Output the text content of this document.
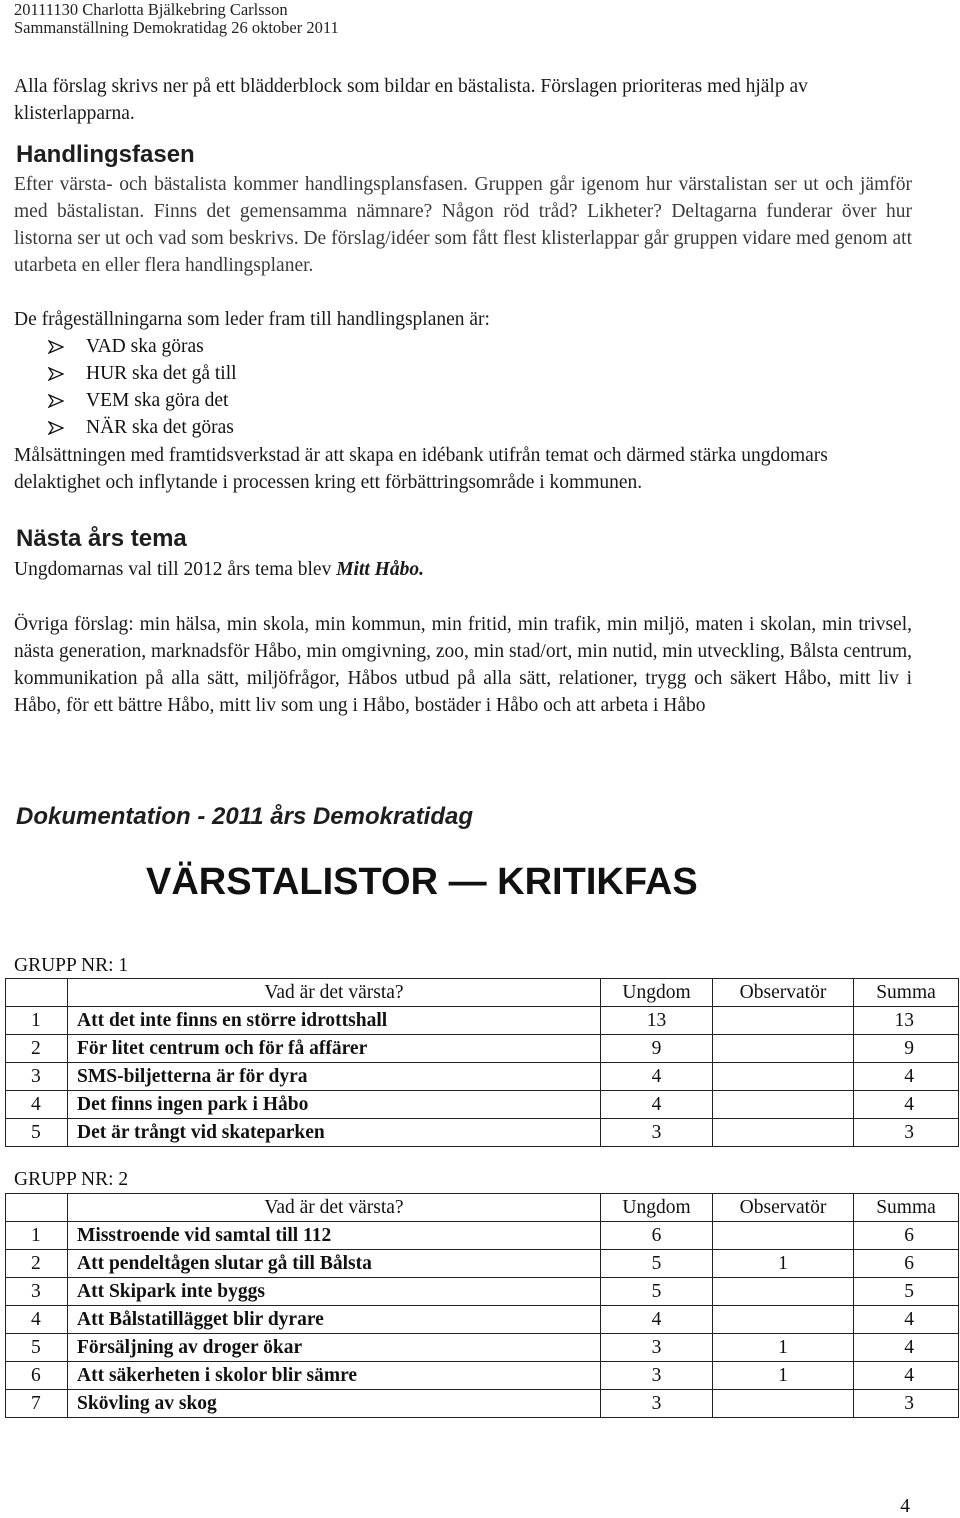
20111130 Charlotta Bjälkebring Carlsson
Sammanställning Demokratidag 26 oktober 2011
Alla förslag skrivs ner på ett blädderblock som bildar en bästalista. Förslagen prioriteras med hjälp av klisterlapparna.
Handlingsfasen
Efter värsta- och bästalista kommer handlingsplansfasen. Gruppen går igenom hur värstalistan ser ut och jämför med bästalistan. Finns det gemensamma nämnare? Någon röd tråd? Likheter? Deltagarna funderar över hur listorna ser ut och vad som beskrivs. De förslag/idéer som fått flest klisterlappar går gruppen vidare med genom att utarbeta en eller flera handlingsplaner.
De frågeställningarna som leder fram till handlingsplanen är:
VAD ska göras
HUR ska det gå till
VEM ska göra det
NÄR ska det göras
Målsättningen med framtidsverkstad är att skapa en idébank utifrån temat och därmed stärka ungdomars delaktighet och inflytande i processen kring ett förbättringsområde i kommunen.
Nästa års tema
Ungdomarnas val till 2012 års tema blev Mitt Håbo.
Övriga förslag: min hälsa, min skola, min kommun, min fritid, min trafik, min miljö, maten i skolan, min trivsel, nästa generation, marknadsför Håbo, min omgivning, zoo, min stad/ort, min nutid, min utveckling, Bålsta centrum, kommunikation på alla sätt, miljöfrågor, Håbos utbud på alla sätt, relationer, trygg och säkert Håbo, mitt liv i Håbo, för ett bättre Håbo, mitt liv som ung i Håbo, bostäder i Håbo och att arbeta i Håbo
Dokumentation - 2011 års Demokratidag
VÄRSTALISTOR — KRITIKFAS
GRUPP NR: 1
	Vad är det värsta?	Ungdom	Observatör	Summa
1	Att det inte finns en större idrottshall	13		13
2	För litet centrum och för få affärer	9		9
3	SMS-biljetterna är för dyra	4		4
4	Det finns ingen park i Håbo	4		4
5	Det är trångt vid skateparken	3		3
GRUPP NR: 2
	Vad är det värsta?	Ungdom	Observatör	Summa
1	Misstroende vid samtal till 112	6		6
2	Att pendeltågen slutar gå till Bålsta	5	1	6
3	Att Skipark inte byggs	5		5
4	Att Bålstatillägget blir dyrare	4		4
5	Försäljning av droger ökar	3	1	4
6	Att säkerheten i skolor blir sämre	3	1	4
7	Skövling av skog	3		3
4
